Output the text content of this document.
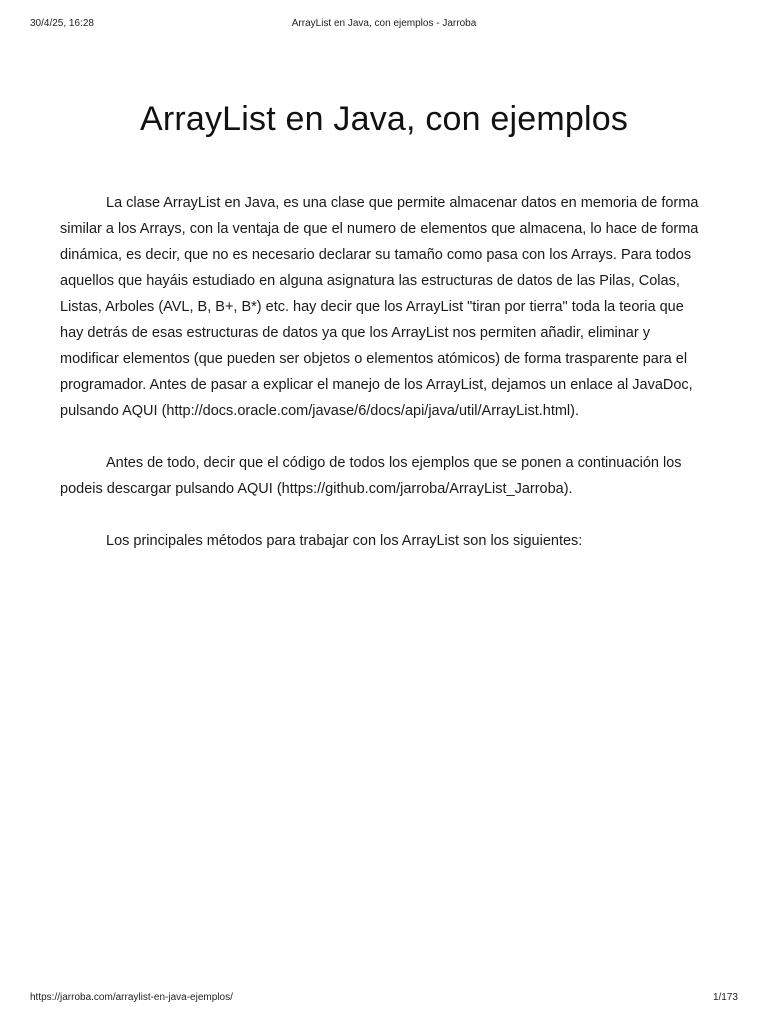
30/4/25, 16:28	ArrayList en Java, con ejemplos - Jarroba
ArrayList en Java, con ejemplos

La clase ArrayList en Java, es una clase que permite almacenar datos en memoria de forma similar a los Arrays, con la ventaja de que el numero de elementos que almacena, lo hace de forma dinámica, es decir, que no es necesario declarar su tamaño como pasa con los Arrays. Para todos aquellos que hayáis estudiado en alguna asignatura las estructuras de datos de las Pilas, Colas, Listas, Arboles (AVL, B, B+, B*) etc. hay decir que los ArrayList "tiran por tierra" toda la teoria que hay detrás de esas estructuras de datos ya que los ArrayList nos permiten añadir, eliminar y modificar elementos (que pueden ser objetos o elementos atómicos) de forma trasparente para el programador. Antes de pasar a explicar el manejo de los ArrayList, dejamos un enlace al JavaDoc, pulsando AQUI (http://docs.oracle.com/javase/6/docs/api/java/util/ArrayList.html).

Antes de todo, decir que el código de todos los ejemplos que se ponen a continuación los podeis descargar pulsando AQUI (https://github.com/jarroba/ArrayList_Jarroba).

Los principales métodos para trabajar con los ArrayList son los siguientes:

https://jarroba.com/arraylist-en-java-ejemplos/	1/173
